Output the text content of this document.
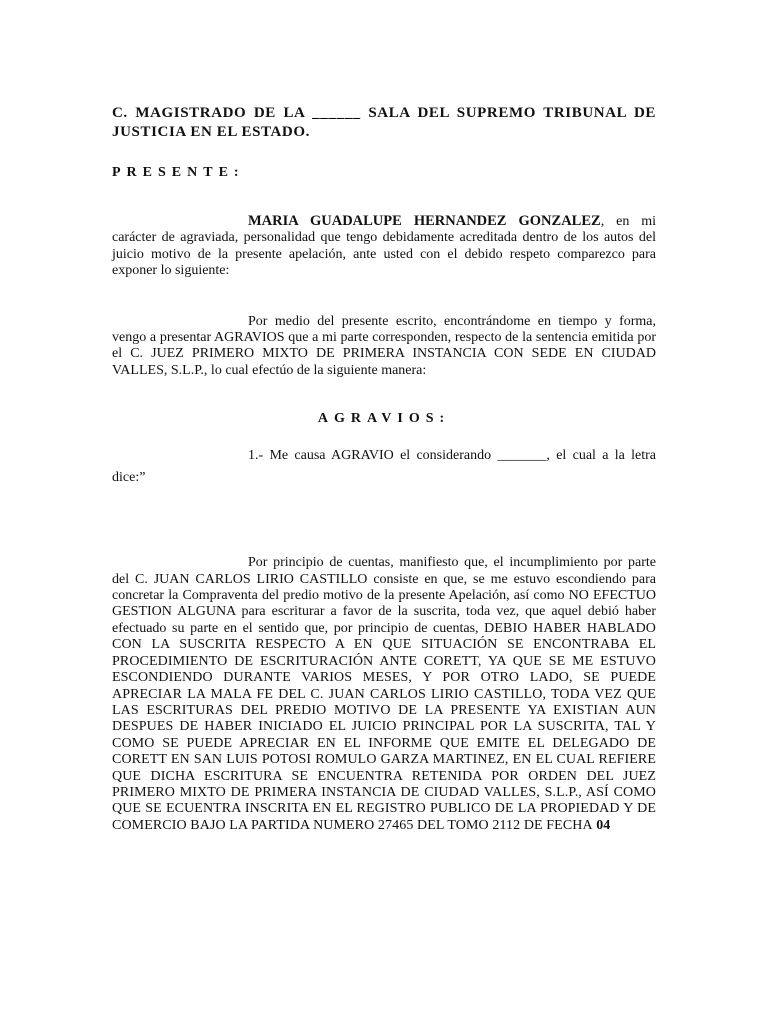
C. MAGISTRADO DE LA ______ SALA DEL SUPREMO TRIBUNAL DE JUSTICIA EN EL ESTADO.

PRESENTE:

MARIA GUADALUPE HERNANDEZ GONZALEZ, en mi carácter de agraviada, personalidad que tengo debidamente acreditada dentro de los autos del juicio motivo de la presente apelación, ante usted con el debido respeto comparezco para exponer lo siguiente:

Por medio del presente escrito, encontrándome en tiempo y forma, vengo a presentar AGRAVIOS que a mi parte corresponden, respecto de la sentencia emitida por el C. JUEZ PRIMERO MIXTO DE PRIMERA INSTANCIA CON SEDE EN CIUDAD VALLES, S.L.P., lo cual efectúo de la siguiente manera:

AGRAVIOS:

1.- Me causa AGRAVIO el considerando _______, el cual a la letra dice:”

Por principio de cuentas, manifiesto que, el incumplimiento por parte del C. JUAN CARLOS LIRIO CASTILLO consiste en que, se me estuvo escondiendo para concretar la Compraventa del predio motivo de la presente Apelación, así como NO EFECTUO GESTION ALGUNA para escriturar a favor de la suscrita, toda vez, que aquel debió haber efectuado su parte en el sentido que, por principio de cuentas, DEBIO HABER HABLADO CON LA SUSCRITA RESPECTO A EN QUE SITUACIÓN SE ENCONTRABA EL PROCEDIMIENTO DE ESCRITURACIÓN ANTE CORETT, YA QUE SE ME ESTUVO ESCONDIENDO DURANTE VARIOS MESES, Y POR OTRO LADO, SE PUEDE APRECIAR LA MALA FE DEL C. JUAN CARLOS LIRIO CASTILLO, TODA VEZ QUE LAS ESCRITURAS DEL PREDIO MOTIVO DE LA PRESENTE YA EXISTIAN AUN DESPUES DE HABER INICIADO EL JUICIO PRINCIPAL POR LA SUSCRITA, TAL Y COMO SE PUEDE APRECIAR EN EL INFORME QUE EMITE EL DELEGADO DE CORETT EN SAN LUIS POTOSI ROMULO GARZA MARTINEZ, EN EL CUAL REFIERE QUE DICHA ESCRITURA SE ENCUENTRA RETENIDA POR ORDEN DEL JUEZ PRIMERO MIXTO DE PRIMERA INSTANCIA DE CIUDAD VALLES, S.L.P., ASÍ COMO QUE SE ECUENTRA INSCRITA EN EL REGISTRO PUBLICO DE LA PROPIEDAD Y DE COMERCIO BAJO LA PARTIDA NUMERO 27465 DEL TOMO 2112 DE FECHA 04
